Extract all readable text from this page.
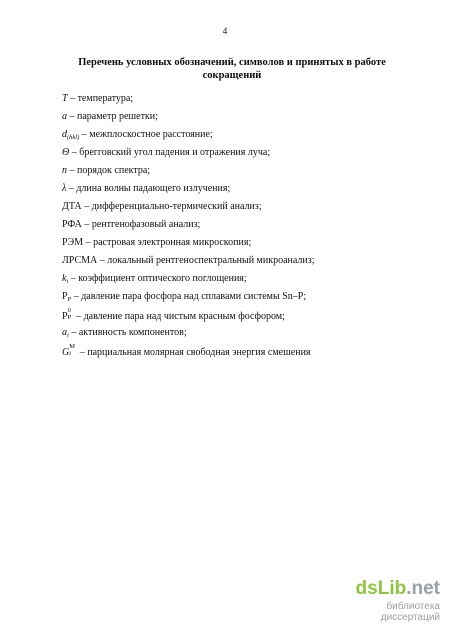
4
Перечень условных обозначений, символов и принятых в работе сокращений
T – температура;
a – параметр решетки;
$d_{(hkl)}$ – межплоскостное расстояние;
Θ – брегговский угол падения и отражения луча;
n – порядок спектра;
λ – длина волны падающего излучения;
ДТА – дифференциально-термический анализ;
РФА – рентгенофазовый анализ;
РЭМ – растровая электронная микроскопия;
ЛРСМА – локальный рентгеноспектральный микроанализ;
$k_i$ – коэффициент оптического поглощения;
$P_P$ – давление пара фосфора над сплавами системы Sn–P;
P
0
P – давление пара над чистым красным фосфором;
$a_i$ – активность компонентов;
G
M
i – парциальная молярная свободная энергия смешения
dsLib.net
библиотека диссертаций
